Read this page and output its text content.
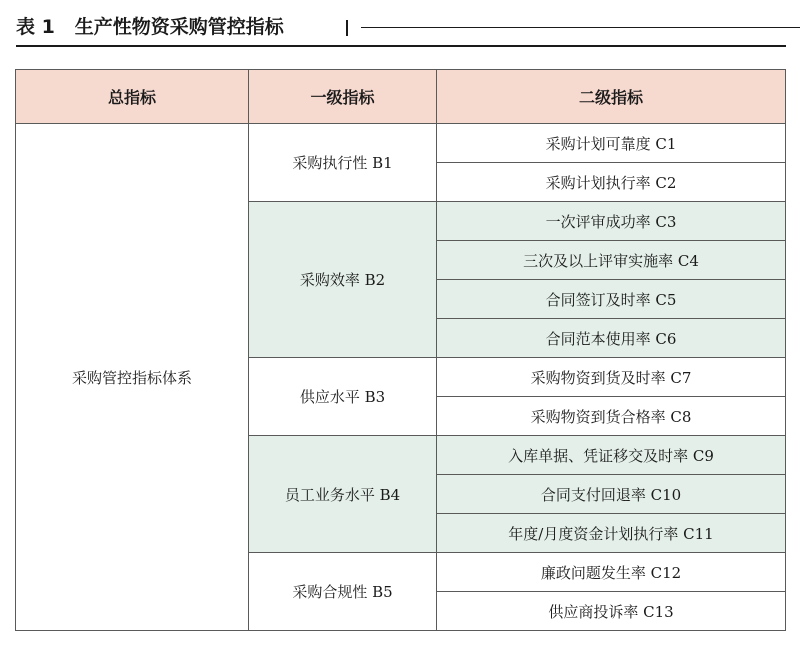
表 1 生产性物资采购管控指标
总指标	一级指标	二级指标
采购管控指标体系	采购执行性 B1	采购计划可靠度 C1
		采购计划执行率 C2
	采购效率 B2	一次评审成功率 C3
		三次及以上评审实施率 C4
		合同签订及时率 C5
		合同范本使用率 C6
	供应水平 B3	采购物资到货及时率 C7
		采购物资到货合格率 C8
	员工业务水平 B4	入库单据、凭证移交及时率 C9
		合同支付回退率 C10
		年度/月度资金计划执行率 C11
	采购合规性 B5	廉政问题发生率 C12
		供应商投诉率 C13
